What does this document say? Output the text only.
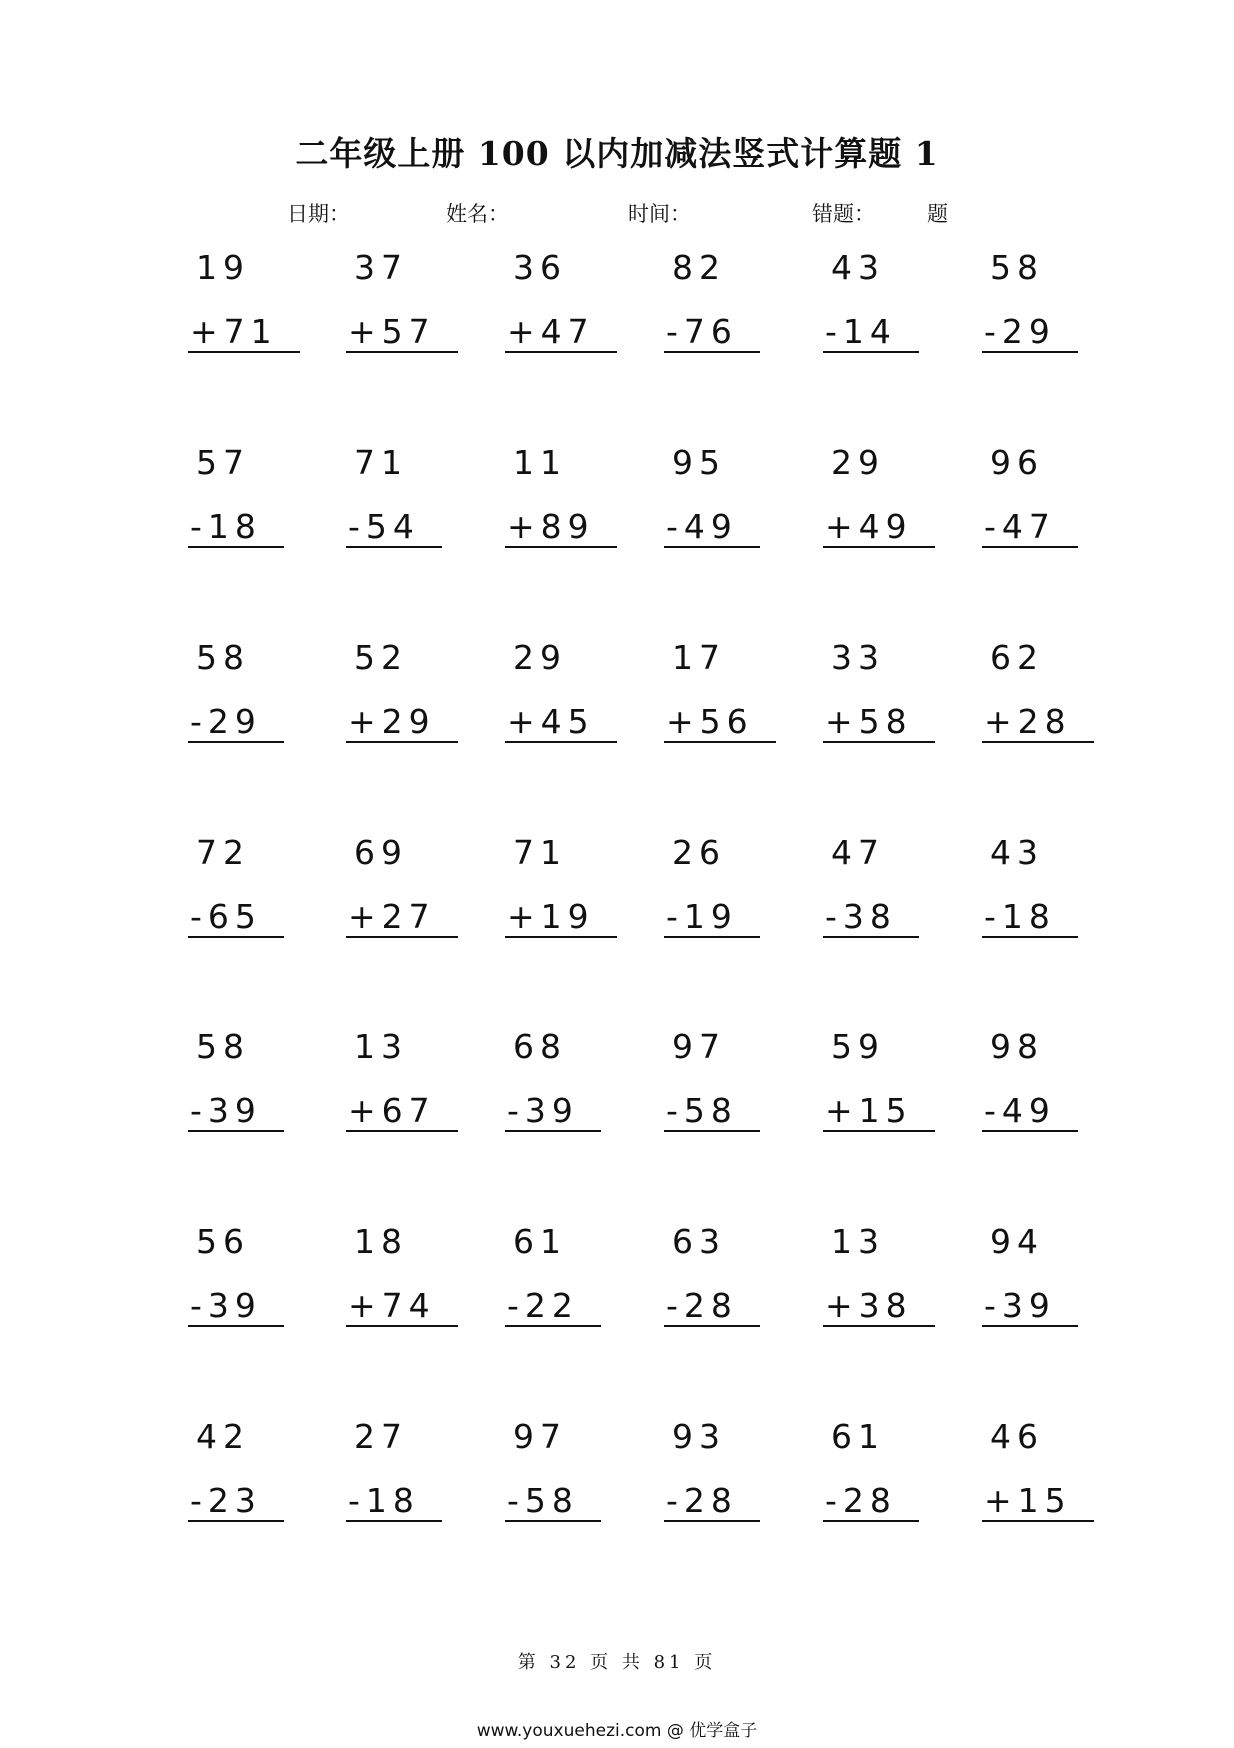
二年级上册 100 以内加减法竖式计算题 1
日期：	姓名：	时间：	错题： 题
19
+71
37
+57
36
+47
82
-76
43
-14
58
-29
57
-18
71
-54
11
+89
95
-49
29
+49
96
-47
58
-29
52
+29
29
+45
17
+56
33
+58
62
+28
72
-65
69
+27
71
+19
26
-19
47
-38
43
-18
58
-39
13
+67
68
-39
97
-58
59
+15
98
-49
56
-39
18
+74
61
-22
63
-28
13
+38
94
-39
42
-23
27
-18
97
-58
93
-28
61
-28
46
+15
第 32 页 共 81 页
www.youxuehezi.com @ 优学盒子
